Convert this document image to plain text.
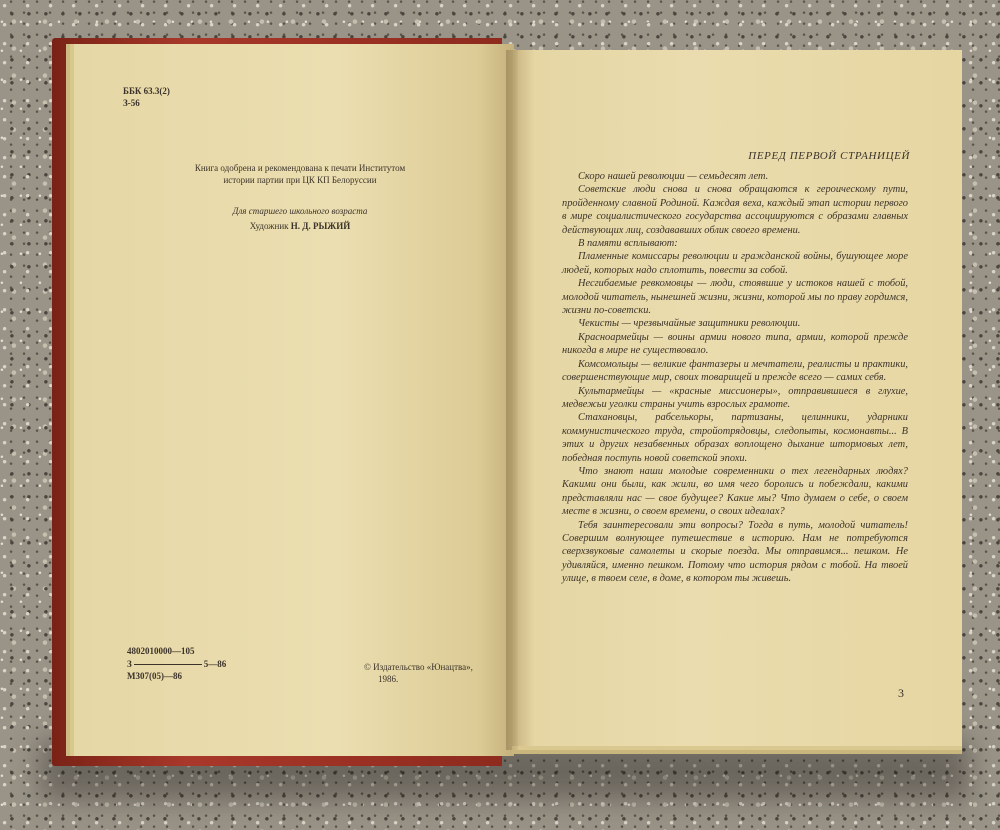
ББК 63.3(2)

З-56

Книга одобрена и рекомендована к печати Институтом
истории партии при ЦК КП Белоруссии

Для старшего школьного возраста

Художник Н. Д. РЫЖИЙ

4802010000—105

З	5—86

М307(05)—86

© Издательство «Юнацтва»,

1986.

ПЕРЕД ПЕРВОЙ СТРАНИЦЕЙ

Скоро нашей революции — семьдесят лет.

Советские люди снова и снова обращаются к героическому пути, пройденному славной Родиной. Каждая веха, каждый этап истории первого в мире социалистического государства ассоциируются с образами главных действующих лиц, создававших облик своего времени.

В памяти всплывают:

Пламенные комиссары революции и гражданской войны, бушующее море людей, которых надо сплотить, повести за собой.

Несгибаемые ревкомовцы — люди, стоявшие у истоков нашей с тобой, молодой читатель, нынешней жизни, жизни, которой мы по праву гордимся, жизни по-советски.

Чекисты — чрезвычайные защитники революции.

Красноармейцы — воины армии нового типа, армии, которой прежде никогда в мире не существовало.

Комсомольцы — великие фантазеры и мечтатели, реалисты и практики, совершенствующие мир, своих товарищей и прежде всего — самих себя.

Культармейцы — «красные миссионеры», отправившиеся в глухие, медвежьи уголки страны учить взрослых грамоте.

Стахановцы, рабселькоры, партизаны, целинники, ударники коммунистического труда, стройотрядовцы, следопыты, космонавты... В этих и других незабвенных образах воплощено дыхание штормовых лет, победная поступь новой советской эпохи.

Что знают наши молодые современники о тех легендарных людях? Какими они были, как жили, во имя чего боролись и побеждали, какими представляли нас — свое будущее? Какие мы? Что думаем о себе, о своем месте в жизни, о своем времени, о своих идеалах?

Тебя заинтересовали эти вопросы? Тогда в путь, молодой читатель! Совершим волнующее путешествие в историю. Нам не потребуются сверхзвуковые самолеты и скорые поезда. Мы отправимся... пешком. Не удивляйся, именно пешком. Потому что история рядом с тобой. На твоей улице, в твоем селе, в доме, в котором ты живешь.

3
